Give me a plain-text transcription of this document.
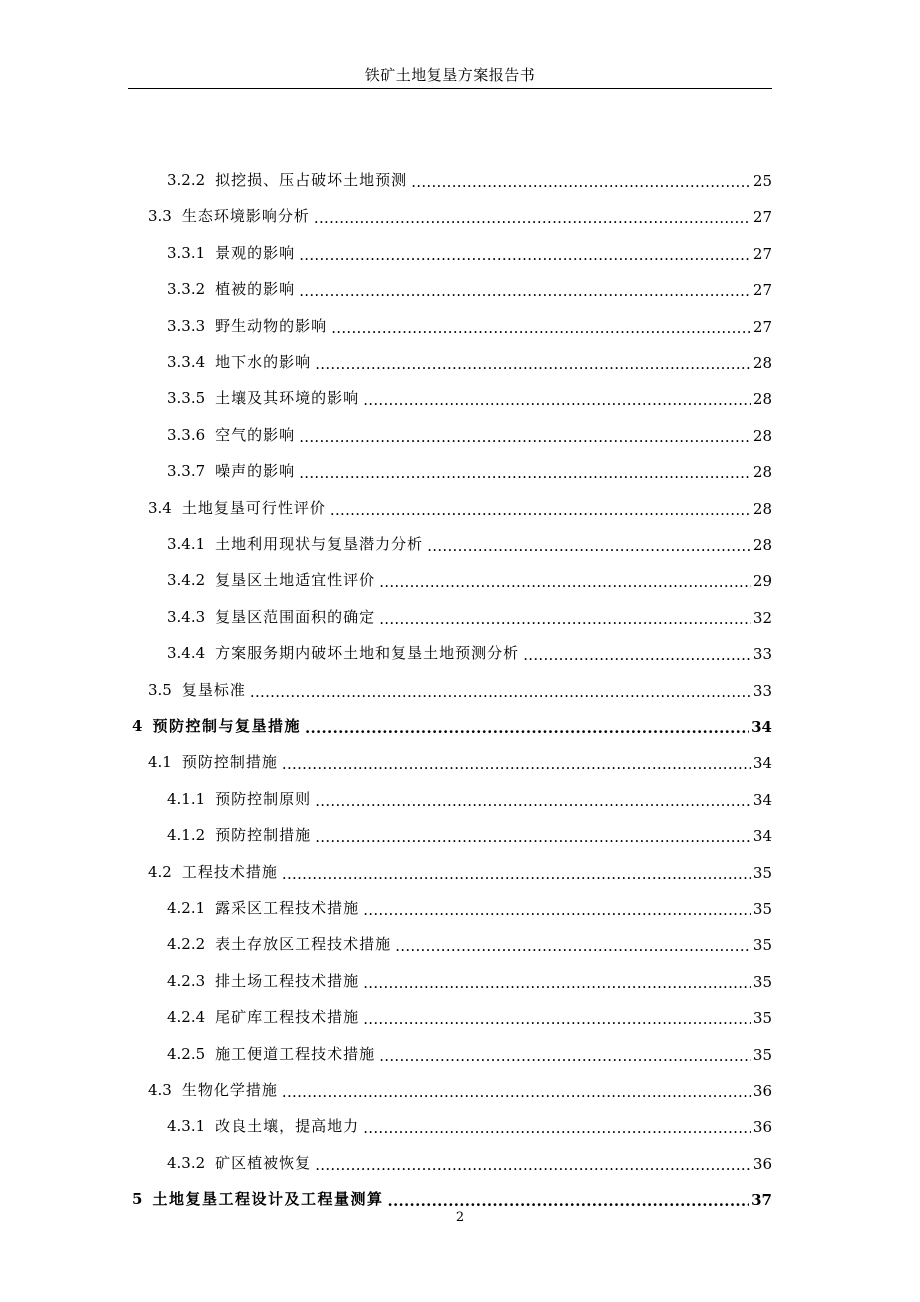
铁矿土地复垦方案报告书
3.2.2 拟挖损、压占破坏土地预测 .....	25
3.3 生态环境影响分析 .....	27
3.3.1 景观的影响 .....	27
3.3.2 植被的影响 .....	27
3.3.3 野生动物的影响 .....	27
3.3.4 地下水的影响 .....	28
3.3.5 土壤及其环境的影响 .....	28
3.3.6 空气的影响 .....	28
3.3.7 噪声的影响 .....	28
3.4 土地复垦可行性评价 .....	28
3.4.1 土地利用现状与复垦潜力分析 .....	28
3.4.2 复垦区土地适宜性评价 .....	29
3.4.3 复垦区范围面积的确定 .....	32
3.4.4 方案服务期内破坏土地和复垦土地预测分析 .....	33
3.5 复垦标准 .....	33
4 预防控制与复垦措施 .....	34
4.1 预防控制措施 .....	34
4.1.1 预防控制原则 .....	34
4.1.2 预防控制措施 .....	34
4.2 工程技术措施 .....	35
4.2.1 露采区工程技术措施 .....	35
4.2.2 表土存放区工程技术措施 .....	35
4.2.3 排土场工程技术措施 .....	35
4.2.4 尾矿库工程技术措施 .....	35
4.2.5 施工便道工程技术措施 .....	35
4.3 生物化学措施 .....	36
4.3.1 改良土壤，提高地力 .....	36
4.3.2 矿区植被恢复 .....	36
5 土地复垦工程设计及工程量测算 .....	37
2
